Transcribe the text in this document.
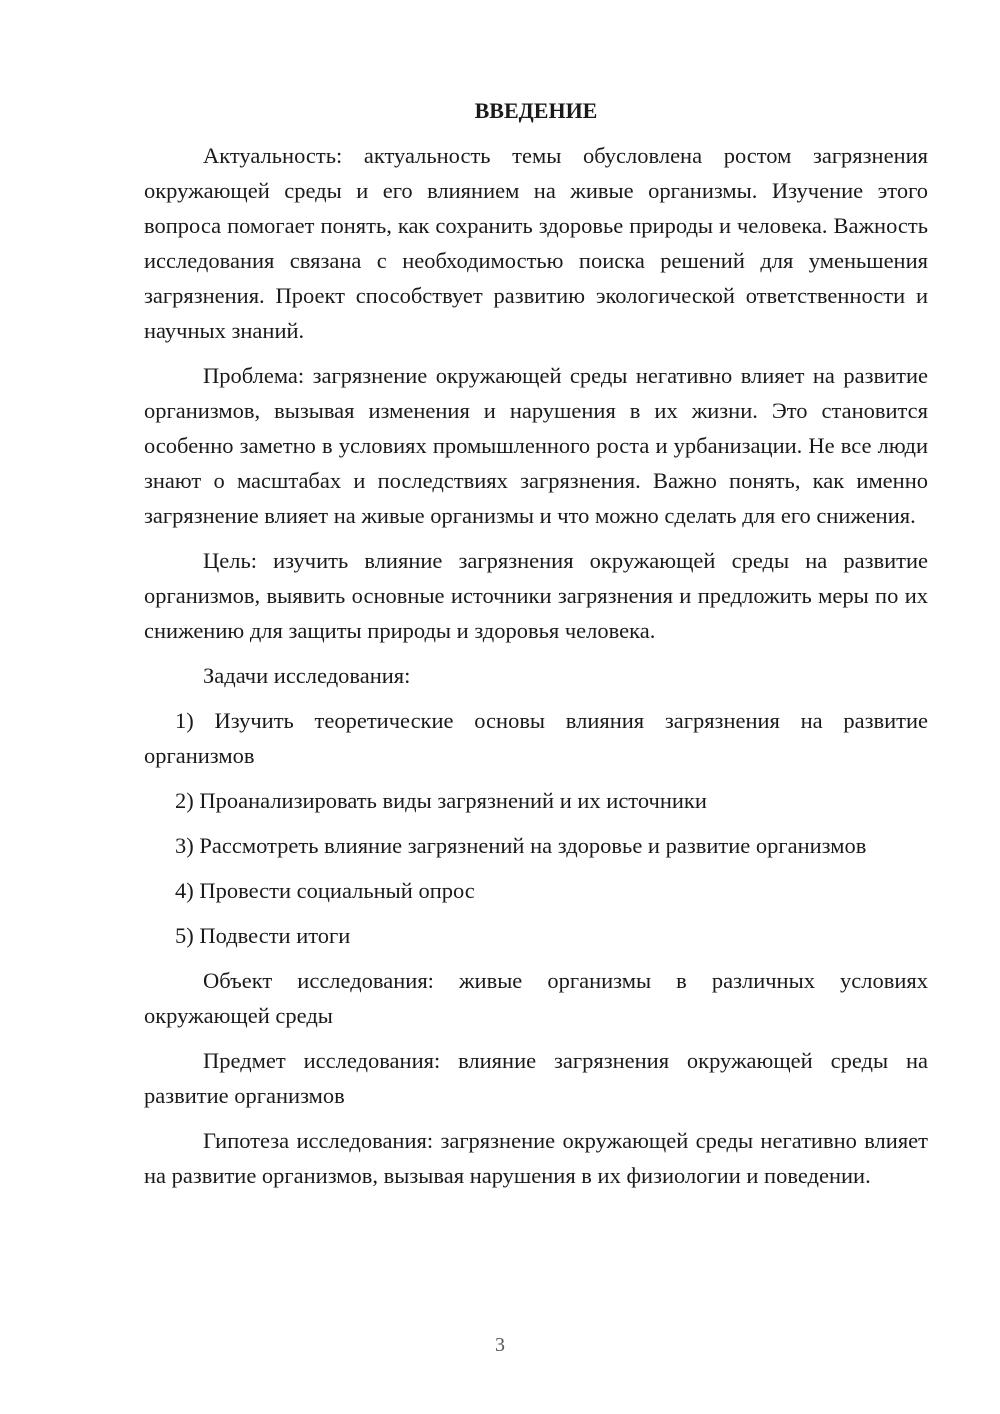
ВВЕДЕНИЕ

Актуальность: актуальность темы обусловлена ростом загрязнения окружающей среды и его влиянием на живые организмы. Изучение этого вопроса помогает понять, как сохранить здоровье природы и человека. Важность исследования связана с необходимостью поиска решений для уменьшения загрязнения. Проект способствует развитию экологической ответственности и научных знаний.

Проблема: загрязнение окружающей среды негативно влияет на развитие организмов, вызывая изменения и нарушения в их жизни. Это становится особенно заметно в условиях промышленного роста и урбанизации. Не все люди знают о масштабах и последствиях загрязнения. Важно понять, как именно загрязнение влияет на живые организмы и что можно сделать для его снижения.

Цель: изучить влияние загрязнения окружающей среды на развитие организмов, выявить основные источники загрязнения и предложить меры по их снижению для защиты природы и здоровья человека.

Задачи исследования:

1) Изучить теоретические основы влияния загрязнения на развитие организмов

2) Проанализировать виды загрязнений и их источники

3) Рассмотреть влияние загрязнений на здоровье и развитие организмов

4) Провести социальный опрос

5) Подвести итоги

Объект исследования: живые организмы в различных условиях окружающей среды

Предмет исследования: влияние загрязнения окружающей среды на развитие организмов

Гипотеза исследования: загрязнение окружающей среды негативно влияет на развитие организмов, вызывая нарушения в их физиологии и поведении.

3
